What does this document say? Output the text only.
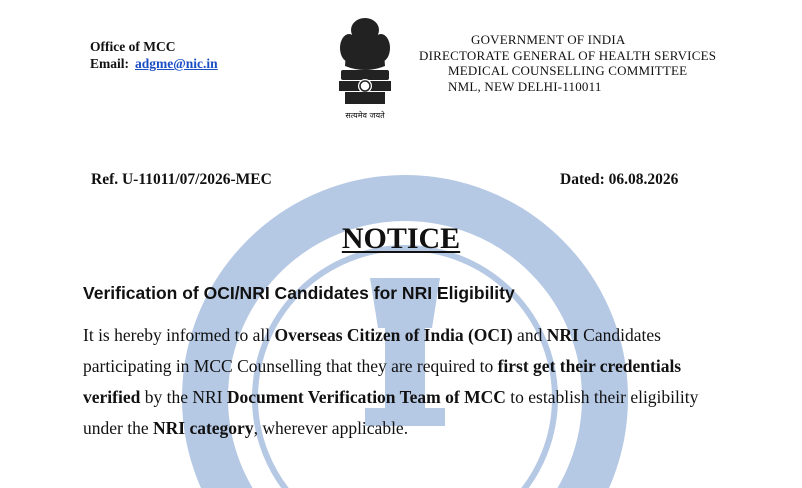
Office of MCC
Email: adgme@nic.in
सत्यमेव जयते
GOVERNMENT OF INDIA
DIRECTORATE GENERAL OF HEALTH SERVICES
MEDICAL COUNSELLING COMMITTEE
NML, NEW DELHI-110011
Ref. U-11011/07/2026-MEC	Dated: 06.08.2026
NOTICE
Verification of OCI/NRI Candidates for NRI Eligibility
It is hereby informed to all Overseas Citizen of India (OCI) and NRI Candidates
participating in MCC Counselling that they are required to first get their credentials
verified by the NRI Document Verification Team of MCC to establish their eligibility
under the NRI category, wherever applicable.
